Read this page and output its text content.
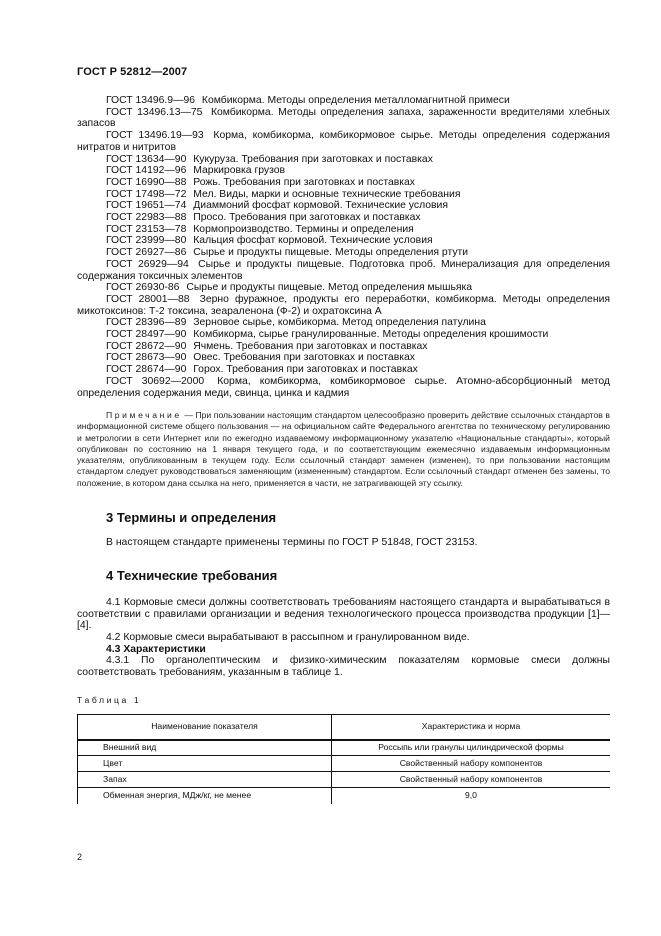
ГОСТ Р 52812—2007

ГОСТ 13496.9—96 Комбикорма. Методы определения металломагнитной примеси

ГОСТ 13496.13—75 Комбикорма. Методы определения запаха, зараженности вредителями хлебных запасов

ГОСТ 13496.19—93 Корма, комбикорма, комбикормовое сырье. Методы определения содержания нитратов и нитритов

ГОСТ 13634—90 Кукуруза. Требования при заготовках и поставках

ГОСТ 14192—96 Маркировка грузов

ГОСТ 16990—88 Рожь. Требования при заготовках и поставках

ГОСТ 17498—72 Мел. Виды, марки и основные технические требования

ГОСТ 19651—74 Диаммоний фосфат кормовой. Технические условия

ГОСТ 22983—88 Просо. Требования при заготовках и поставках

ГОСТ 23153—78 Кормопроизводство. Термины и определения

ГОСТ 23999—80 Кальция фосфат кормовой. Технические условия

ГОСТ 26927—86 Сырье и продукты пищевые. Методы определения ртути

ГОСТ 26929—94 Сырье и продукты пищевые. Подготовка проб. Минерализация для определения содержания токсичных элементов

ГОСТ 26930-86 Сырье и продукты пищевые. Метод определения мышьяка

ГОСТ 28001—88 Зерно фуражное, продукты его переработки, комбикорма. Методы определения микотоксинов: Т-2 токсина, зеараленона (Ф-2) и охратоксина А

ГОСТ 28396—89 Зерновое сырье, комбикорма. Метод определения патулина

ГОСТ 28497—90 Комбикорма, сырье гранулированные. Методы определения крошимости

ГОСТ 28672—90 Ячмень. Требования при заготовках и поставках

ГОСТ 28673—90 Овес. Требования при заготовках и поставках

ГОСТ 28674—90 Горох. Требования при заготовках и поставках

ГОСТ 30692—2000 Корма, комбикорма, комбикормовое сырье. Атомно-абсорбционный метод определения содержания меди, свинца, цинка и кадмия

Примечание — При пользовании настоящим стандартом целесообразно проверить действие ссылочных стандартов в информационной системе общего пользования — на официальном сайте Федерального агентства по техническому регулированию и метрологии в сети Интернет или по ежегодно издаваемому информационному указателю «Национальные стандарты», который опубликован по состоянию на 1 января текущего года, и по соответствующим ежемесячно издаваемым информационным указателям, опубликованным в текущем году. Если ссылочный стандарт заменен (изменен), то при пользовании настоящим стандартом следует руководствоваться заменяющим (измененным) стандартом. Если ссылочный стандарт отменен без замены, то положение, в котором дана ссылка на него, применяется в части, не затрагивающей эту ссылку.

3 Термины и определения

В настоящем стандарте применены термины по ГОСТ Р 51848, ГОСТ 23153.

4 Технические требования

4.1 Кормовые смеси должны соответствовать требованиям настоящего стандарта и вырабатываться в соответствии с правилами организации и ведения технологического процесса производства продукции [1]—[4].

4.2 Кормовые смеси вырабатывают в рассыпном и гранулированном виде.

4.3 Характеристики

4.3.1 По органолептическим и физико-химическим показателям кормовые смеси должны соответствовать требованиям, указанным в таблице 1.

Таблица 1
Наименование показателя	Характеристика и норма
Внешний вид	Россыпь или гранулы цилиндрической формы
Цвет	Свойственный набору компонентов
Запах	Свойственный набору компонентов
Обменная энергия, МДж/кг, не менее	9,0
2
